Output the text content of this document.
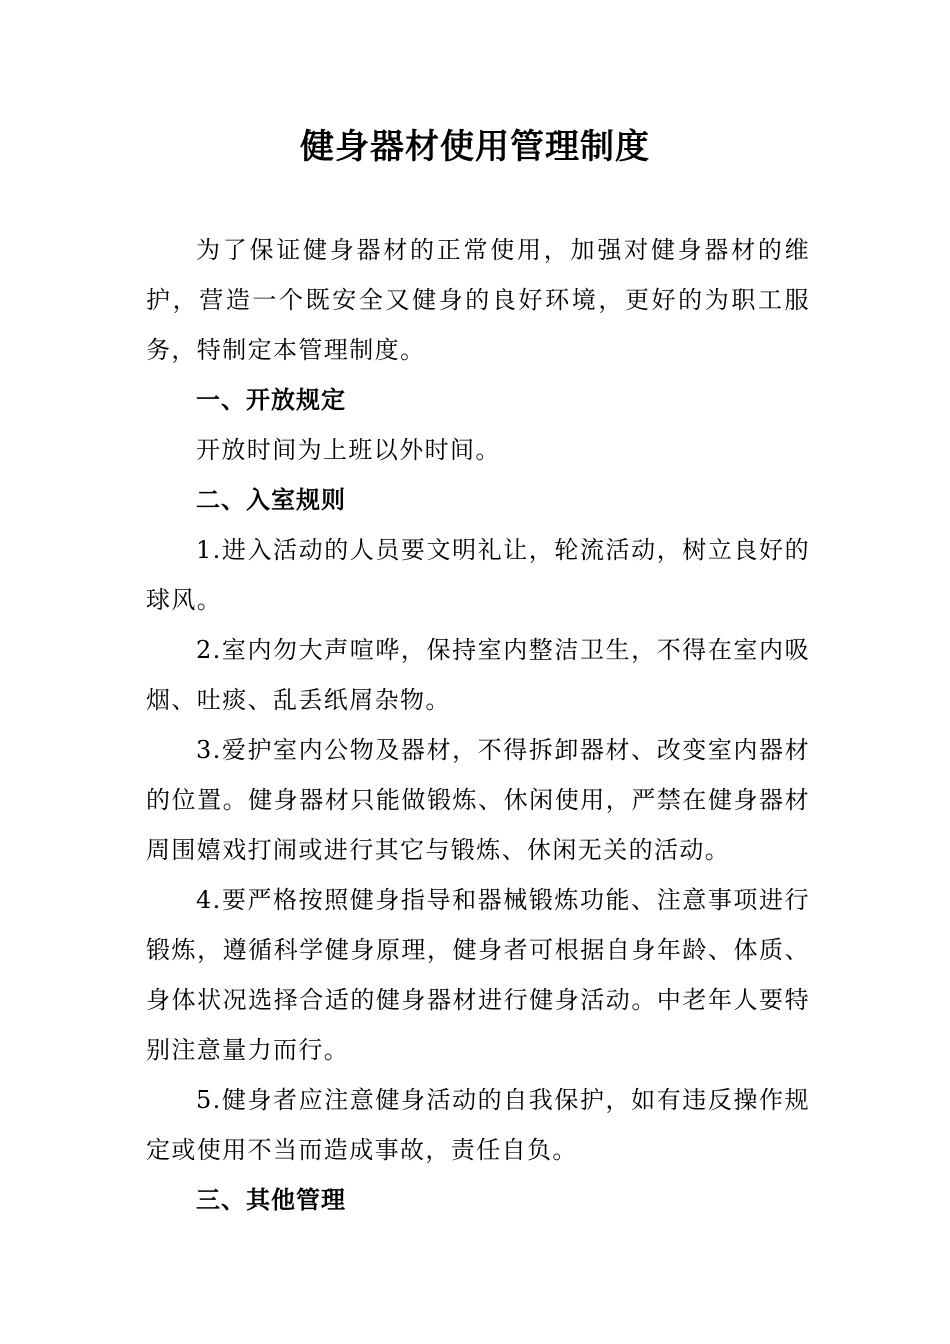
健身器材使用管理制度

为了保证健身器材的正常使用，加强对健身器材的维护，营造一个既安全又健身的良好环境，更好的为职工服务，特制定本管理制度。

一、开放规定

开放时间为上班以外时间。

二、入室规则

1.进入活动的人员要文明礼让，轮流活动，树立良好的球风。

2.室内勿大声喧哗，保持室内整洁卫生，不得在室内吸烟、吐痰、乱丢纸屑杂物。

3.爱护室内公物及器材，不得拆卸器材、改变室内器材的位置。健身器材只能做锻炼、休闲使用，严禁在健身器材周围嬉戏打闹或进行其它与锻炼、休闲无关的活动。

4.要严格按照健身指导和器械锻炼功能、注意事项进行锻炼，遵循科学健身原理，健身者可根据自身年龄、体质、身体状况选择合适的健身器材进行健身活动。中老年人要特别注意量力而行。

5.健身者应注意健身活动的自我保护，如有违反操作规定或使用不当而造成事故，责任自负。

三、其他管理
